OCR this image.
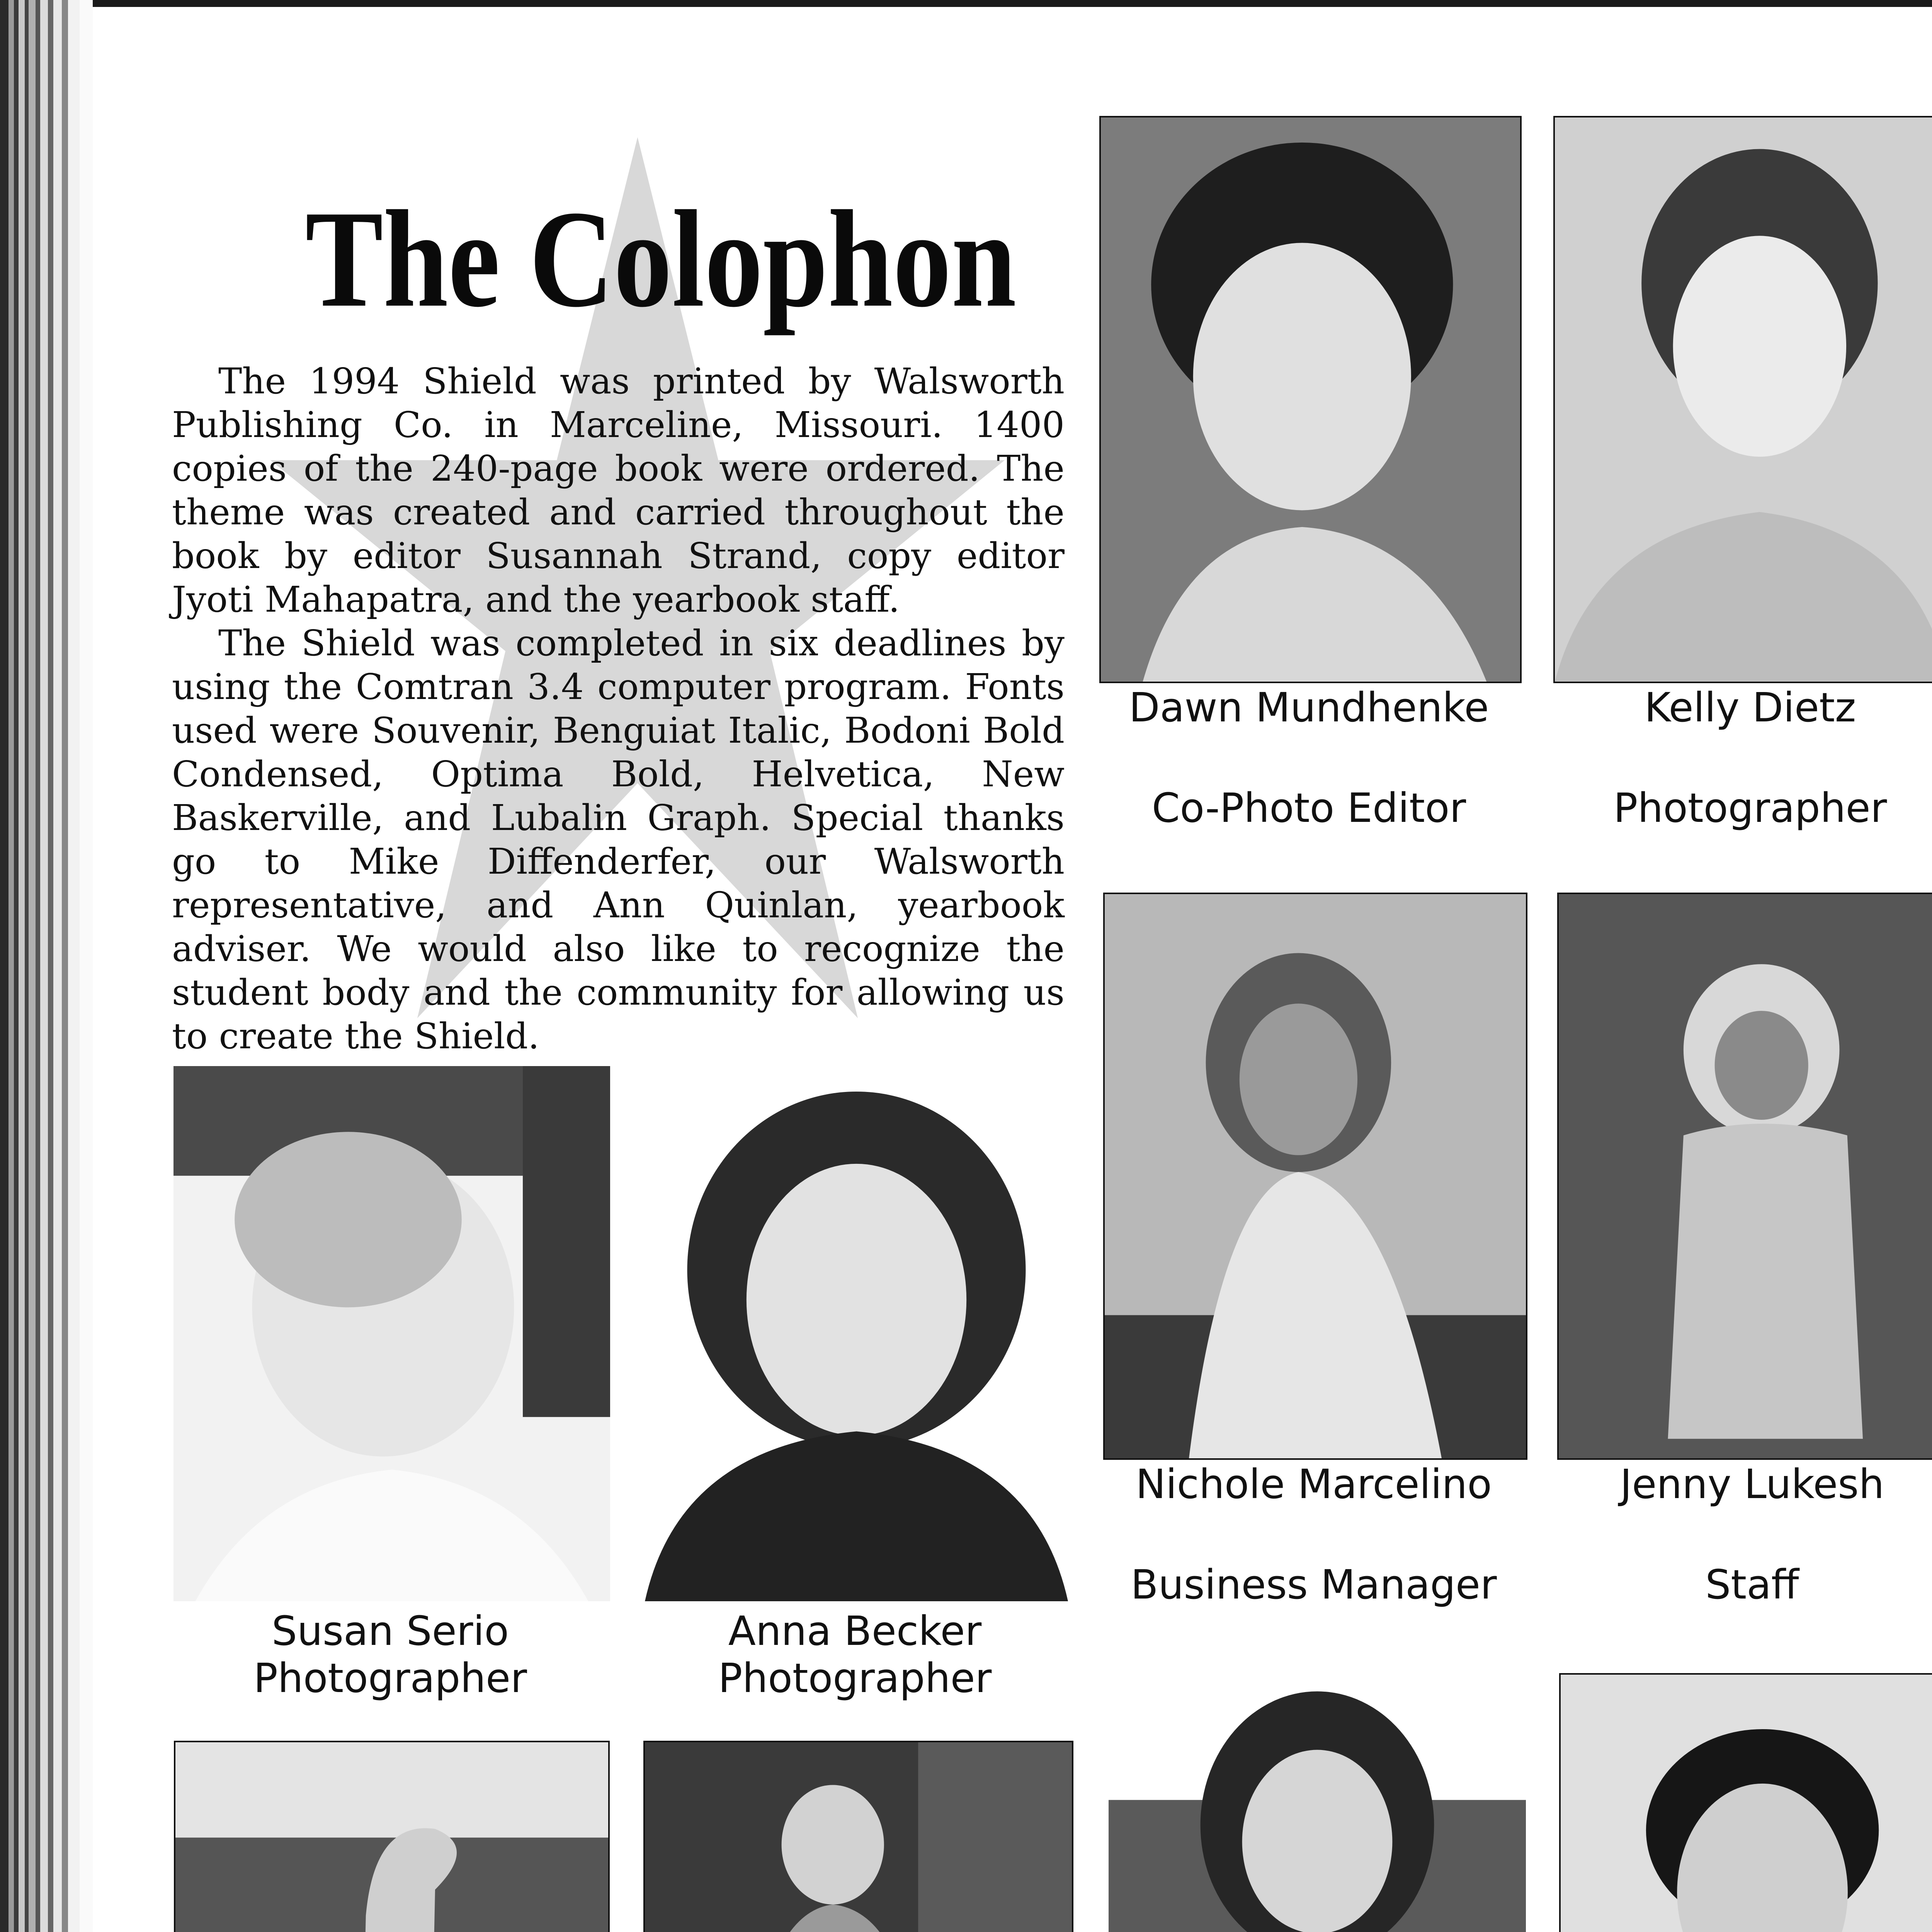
The Colophon

The 1994 Shield was printed by Walsworth Publishing Co. in Marceline, Missouri. 1400 copies of the 240-page book were ordered. The theme was created and carried throughout the book by editor Susannah Strand, copy editor Jyoti Mahapatra, and the yearbook staff.

The Shield was completed in six deadlines by using the Comtran 3.4 computer program. Fonts used were Souvenir, Benguiat Italic, Bodoni Bold Condensed, Optima Bold, Helvetica, New Baskerville, and Lubalin Graph. Special thanks go to Mike Diffenderfer, our Walsworth representative, and Ann Quinlan, yearbook adviser. We would also like to recognize the student body and the community for allowing us to create the Shield.

Dawn Mundhenke
Co-Photo Editor
Kelly Dietz
Photographer
Susan Serio
Photographer
Anna Becker
Photographer
Nichole Marcelino
Business Manager
Jenny Lukesh
Staff
